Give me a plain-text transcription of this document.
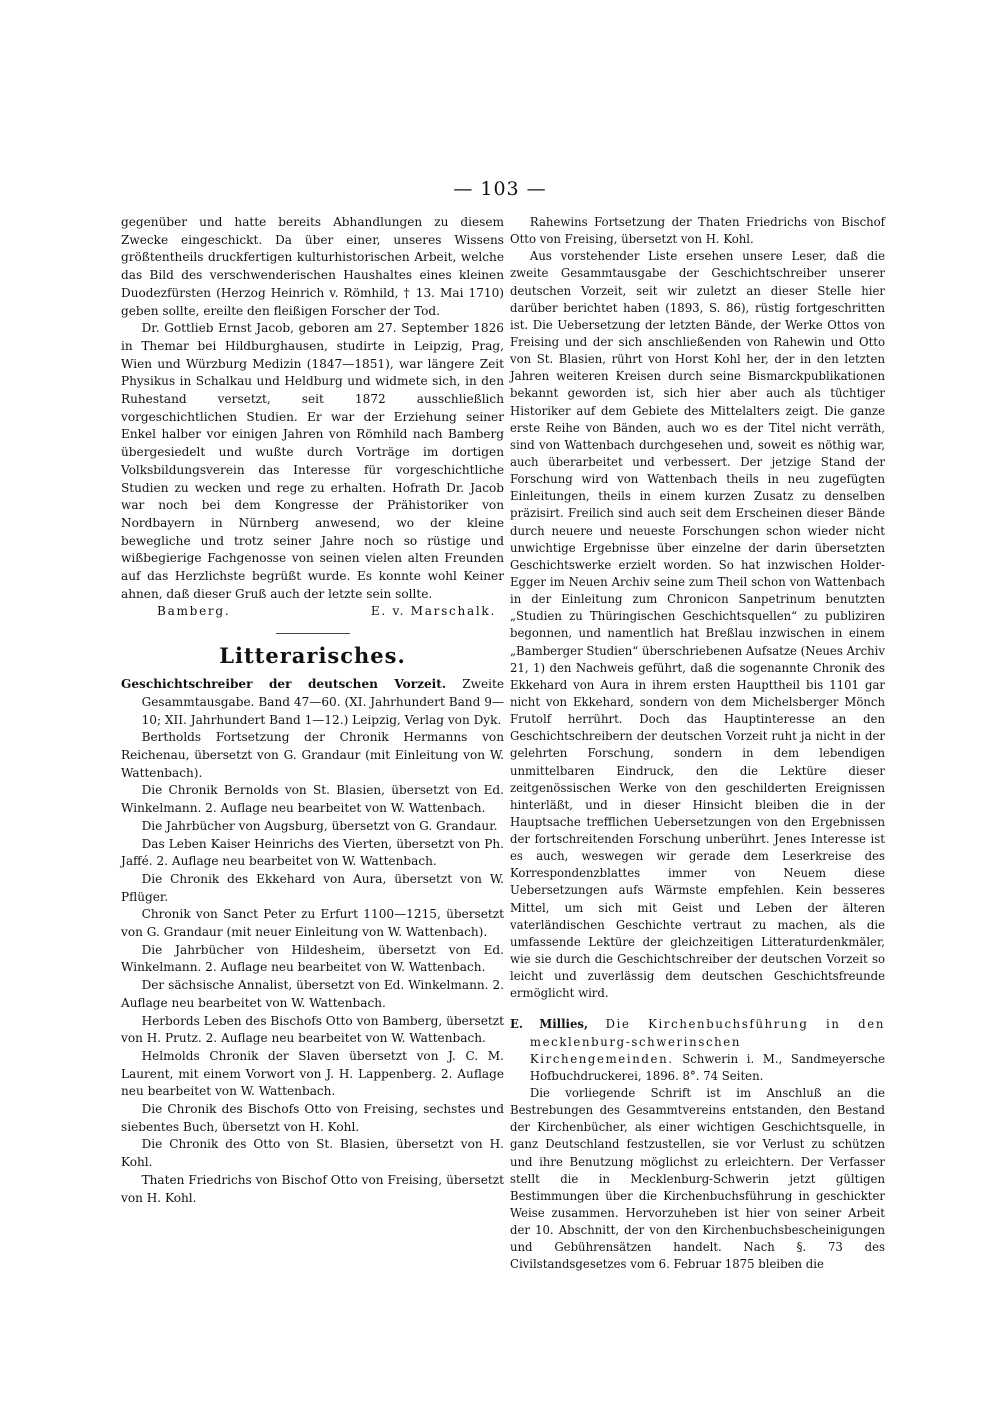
— 103 —

gegenüber und hatte bereits Abhandlungen zu diesem Zwecke eingeschickt. Da über einer, unseres Wissens größtentheils druckfertigen kulturhistorischen Arbeit, welche das Bild des verschwenderischen Haushaltes eines kleinen Duodezfürsten (Herzog Heinrich v. Römhild, † 13. Mai 1710) geben sollte, ereilte den fleißigen Forscher der Tod.

Dr. Gottlieb Ernst Jacob, geboren am 27. September 1826 in Themar bei Hildburghausen, studirte in Leipzig, Prag, Wien und Würzburg Medizin (1847—1851), war längere Zeit Physikus in Schalkau und Heldburg und widmete sich, in den Ruhestand versetzt, seit 1872 ausschließlich vorgeschichtlichen Studien. Er war der Erziehung seiner Enkel halber vor einigen Jahren von Römhild nach Bamberg übergesiedelt und wußte durch Vorträge im dortigen Volksbildungsverein das Interesse für vorgeschichtliche Studien zu wecken und rege zu erhalten. Hofrath Dr. Jacob war noch bei dem Kongresse der Prähistoriker von Nordbayern in Nürnberg anwesend, wo der kleine bewegliche und trotz seiner Jahre noch so rüstige und wißbegierige Fachgenosse von seinen vielen alten Freunden auf das Herzlichste begrüßt wurde. Es konnte wohl Keiner ahnen, daß dieser Gruß auch der letzte sein sollte.

Bamberg.	E. v. Marschalk.

Litterarisches.

Geschichtschreiber der deutschen Vorzeit. Zweite Gesammtausgabe. Band 47—60. (XI. Jahrhundert Band 9—10; XII. Jahrhundert Band 1—12.) Leipzig, Verlag von Dyk.

Bertholds Fortsetzung der Chronik Hermanns von Reichenau, übersetzt von G. Grandaur (mit Einleitung von W. Wattenbach).

Die Chronik Bernolds von St. Blasien, übersetzt von Ed. Winkelmann. 2. Auflage neu bearbeitet von W. Wattenbach.

Die Jahrbücher von Augsburg, übersetzt von G. Grandaur.

Das Leben Kaiser Heinrichs des Vierten, übersetzt von Ph. Jaffé. 2. Auflage neu bearbeitet von W. Wattenbach.

Die Chronik des Ekkehard von Aura, übersetzt von W. Pflüger.

Chronik von Sanct Peter zu Erfurt 1100—1215, übersetzt von G. Grandaur (mit neuer Einleitung von W. Wattenbach).

Die Jahrbücher von Hildesheim, übersetzt von Ed. Winkelmann. 2. Auflage neu bearbeitet von W. Wattenbach.

Der sächsische Annalist, übersetzt von Ed. Winkelmann. 2. Auflage neu bearbeitet von W. Wattenbach.

Herbords Leben des Bischofs Otto von Bamberg, übersetzt von H. Prutz. 2. Auflage neu bearbeitet von W. Wattenbach.

Helmolds Chronik der Slaven übersetzt von J. C. M. Laurent, mit einem Vorwort von J. H. Lappenberg. 2. Auflage neu bearbeitet von W. Wattenbach.

Die Chronik des Bischofs Otto von Freising, sechstes und siebentes Buch, übersetzt von H. Kohl.

Die Chronik des Otto von St. Blasien, übersetzt von H. Kohl.

Thaten Friedrichs von Bischof Otto von Freising, übersetzt von H. Kohl.

Rahewins Fortsetzung der Thaten Friedrichs von Bischof Otto von Freising, übersetzt von H. Kohl.

Aus vorstehender Liste ersehen unsere Leser, daß die zweite Gesammtausgabe der Geschichtschreiber unserer deutschen Vorzeit, seit wir zuletzt an dieser Stelle hier darüber berichtet haben (1893, S. 86), rüstig fortgeschritten ist. Die Uebersetzung der letzten Bände, der Werke Ottos von Freising und der sich anschließenden von Rahewin und Otto von St. Blasien, rührt von Horst Kohl her, der in den letzten Jahren weiteren Kreisen durch seine Bismarckpublikationen bekannt geworden ist, sich hier aber auch als tüchtiger Historiker auf dem Gebiete des Mittelalters zeigt. Die ganze erste Reihe von Bänden, auch wo es der Titel nicht verräth, sind von Wattenbach durchgesehen und, soweit es nöthig war, auch überarbeitet und verbessert. Der jetzige Stand der Forschung wird von Wattenbach theils in neu zugefügten Einleitungen, theils in einem kurzen Zusatz zu denselben präzisirt. Freilich sind auch seit dem Erscheinen dieser Bände durch neuere und neueste Forschungen schon wieder nicht unwichtige Ergebnisse über einzelne der darin übersetzten Geschichtswerke erzielt worden. So hat inzwischen Holder-Egger im Neuen Archiv seine zum Theil schon von Wattenbach in der Einleitung zum Chronicon Sanpetrinum benutzten „Studien zu Thüringischen Geschichtsquellen“ zu publiziren begonnen, und namentlich hat Breßlau inzwischen in einem „Bamberger Studien“ überschriebenen Aufsatze (Neues Archiv 21, 1) den Nachweis geführt, daß die sogenannte Chronik des Ekkehard von Aura in ihrem ersten Haupttheil bis 1101 gar nicht von Ekkehard, sondern von dem Michelsberger Mönch Frutolf herrührt. Doch das Hauptinteresse an den Geschichtschreibern der deutschen Vorzeit ruht ja nicht in der gelehrten Forschung, sondern in dem lebendigen unmittelbaren Eindruck, den die Lektüre dieser zeitgenössischen Werke von den geschilderten Ereignissen hinterläßt, und in dieser Hinsicht bleiben die in der Hauptsache trefflichen Uebersetzungen von den Ergebnissen der fortschreitenden Forschung unberührt. Jenes Interesse ist es auch, weswegen wir gerade dem Leserkreise des Korrespondenzblattes immer von Neuem diese Uebersetzungen aufs Wärmste empfehlen. Kein besseres Mittel, um sich mit Geist und Leben der älteren vaterländischen Geschichte vertraut zu machen, als die umfassende Lektüre der gleichzeitigen Litteraturdenkmäler, wie sie durch die Geschichtschreiber der deutschen Vorzeit so leicht und zuverlässig dem deutschen Geschichtsfreunde ermöglicht wird.

E. Millies, Die Kirchenbuchsführung in den mecklenburg-schwerinschen Kirchengemeinden. Schwerin i. M., Sandmeyersche Hofbuchdruckerei, 1896. 8°. 74 Seiten.

Die vorliegende Schrift ist im Anschluß an die Bestrebungen des Gesammtvereins entstanden, den Bestand der Kirchenbücher, als einer wichtigen Geschichtsquelle, in ganz Deutschland festzustellen, sie vor Verlust zu schützen und ihre Benutzung möglichst zu erleichtern. Der Verfasser stellt die in Mecklenburg-Schwerin jetzt gültigen Bestimmungen über die Kirchenbuchsführung in geschickter Weise zusammen. Hervorzuheben ist hier von seiner Arbeit der 10. Abschnitt, der von den Kirchenbuchsbescheinigungen und Gebührensätzen handelt. Nach §. 73 des Civilstandsgesetzes vom 6. Februar 1875 bleiben die
